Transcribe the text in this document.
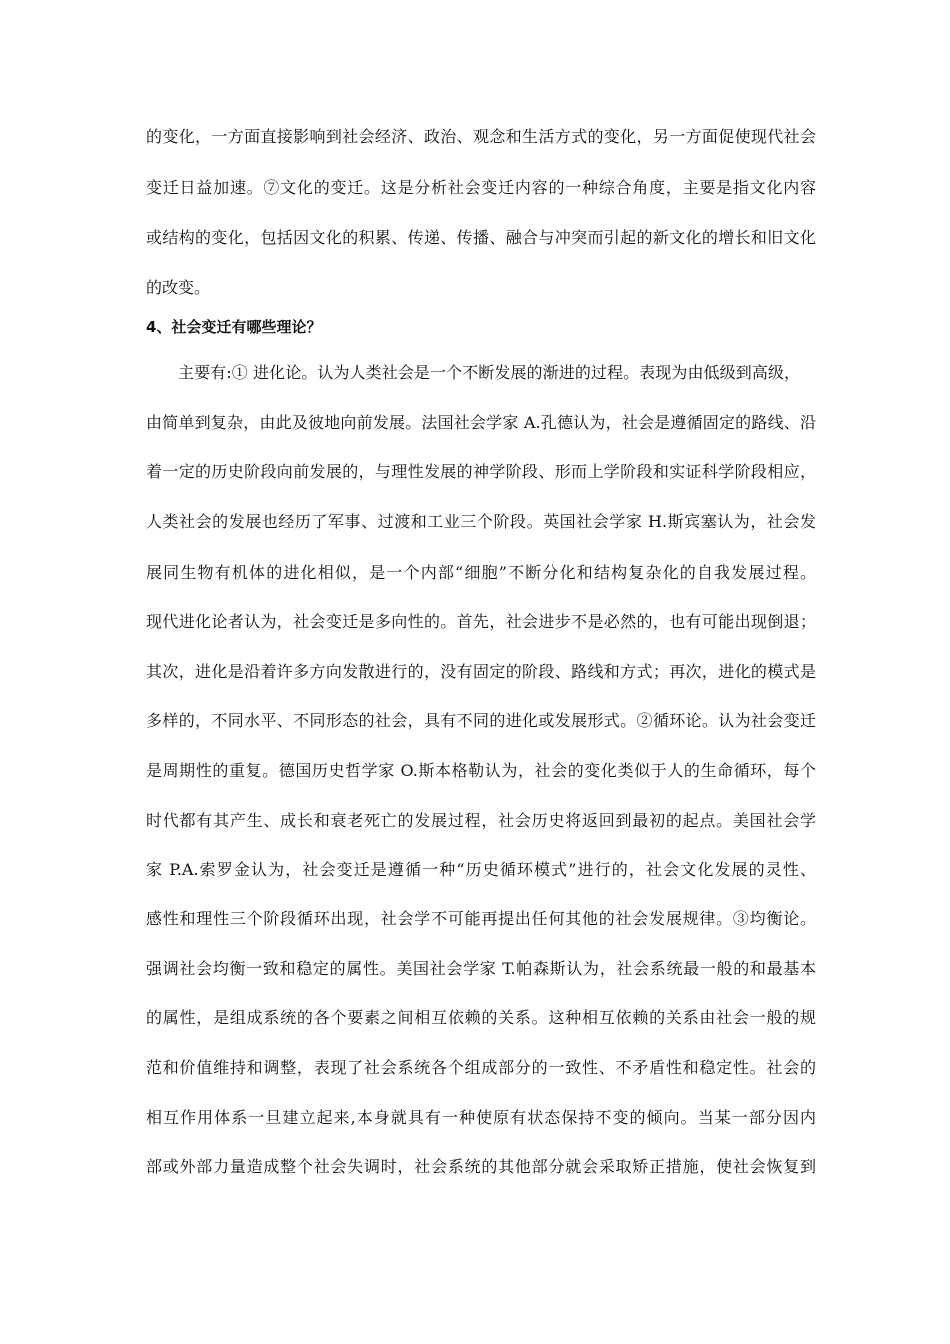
的变化，一方面直接影响到社会经济、政治、观念和生活方式的变化，另一方面促使现代社会
变迁日益加速。⑦文化的变迁。这是分析社会变迁内容的一种综合角度，主要是指文化内容
或结构的变化，包括因文化的积累、传递、传播、融合与冲突而引起的新文化的增长和旧文化
的改变。
4、社会变迁有哪些理论？
主要有:① 进化论。认为人类社会是一个不断发展的渐进的过程。表现为由低级到高级，
由简单到复杂，由此及彼地向前发展。法国社会学家 A.孔德认为，社会是遵循固定的路线、沿
着一定的历史阶段向前发展的，与理性发展的神学阶段、形而上学阶段和实证科学阶段相应，
人类社会的发展也经历了军事、过渡和工业三个阶段。英国社会学家 H.斯宾塞认为，社会发
展同生物有机体的进化相似，是一个内部“细胞”不断分化和结构复杂化的自我发展过程。
现代进化论者认为，社会变迁是多向性的。首先，社会进步不是必然的，也有可能出现倒退；
其次，进化是沿着许多方向发散进行的，没有固定的阶段、路线和方式；再次，进化的模式是
多样的，不同水平、不同形态的社会，具有不同的进化或发展形式。②循环论。认为社会变迁
是周期性的重复。德国历史哲学家 O.斯本格勒认为，社会的变化类似于人的生命循环，每个
时代都有其产生、成长和衰老死亡的发展过程，社会历史将返回到最初的起点。美国社会学
家 P.A.索罗金认为，社会变迁是遵循一种“历史循环模式”进行的，社会文化发展的灵性、
感性和理性三个阶段循环出现，社会学不可能再提出任何其他的社会发展规律。③均衡论。
强调社会均衡一致和稳定的属性。美国社会学家 T.帕森斯认为，社会系统最一般的和最基本
的属性，是组成系统的各个要素之间相互依赖的关系。这种相互依赖的关系由社会一般的规
范和价值维持和调整，表现了社会系统各个组成部分的一致性、不矛盾性和稳定性。社会的
相互作用体系一旦建立起来,本身就具有一种使原有状态保持不变的倾向。当某一部分因内
部或外部力量造成整个社会失调时，社会系统的其他部分就会采取矫正措施，使社会恢复到
